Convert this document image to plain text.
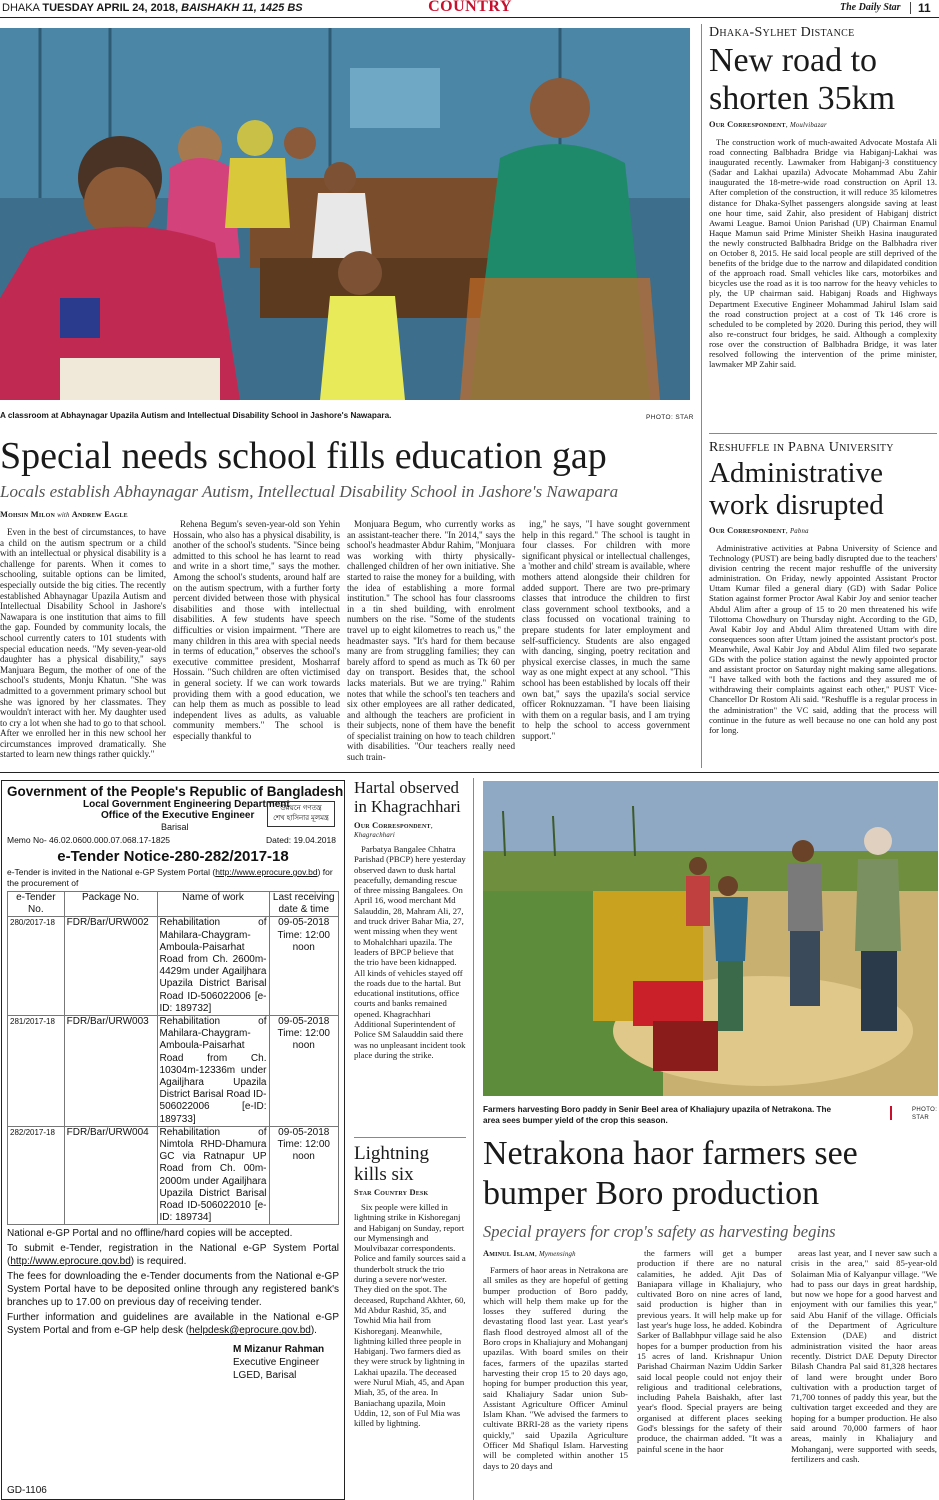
DHAKA TUESDAY APRIL 24, 2018, BAISHAKH 11, 1425 BS	COUNTRY	The Daily Star 11
A classroom at Abhaynagar Upazila Autism and Intellectual Disability School in Jashore's Nawapara.	PHOTO: STAR
Special needs school fills education gap
Locals establish Abhaynagar Autism, Intellectual Disability School in Jashore's Nawapara
Mohsin Milon with Andrew Eagle
Even in the best of circumstances, to have a child on the autism spectrum or a child with an intellectual or physical disability is a challenge for parents. When it comes to schooling, suitable options can be limited, especially outside the big cities. The recently established Abhaynagar Upazila Autism and Intellectual Disability School in Jashore's Nawapara is one institution that aims to fill the gap. Founded by community locals, the school currently caters to 101 students with special education needs. "My seven-year-old daughter has a physical disability," says Manjuara Begum, the mother of one of the school's students, Monju Khatun. "She was admitted to a government primary school but she was ignored by her classmates. They wouldn't interact with her. My daughter used to cry a lot when she had to go to that school. After we enrolled her in this new school her circumstances improved dramatically. She started to learn new things rather quickly."
Rehena Begum's seven-year-old son Yehin Hossain, who also has a physical disability, is another of the school's students. "Since being admitted to this school he has learnt to read and write in a short time," says the mother. Among the school's students, around half are on the autism spectrum, with a further forty percent divided between those with physical disabilities and those with intellectual disabilities. A few students have speech difficulties or vision impairment. "There are many children in this area with special needs in terms of education," observes the school's executive committee president, Mosharraf Hossain. "Such children are often victimised in general society. If we can work towards providing them with a good education, we can help them as much as possible to lead independent lives as adults, as valuable community members." The school is especially thankful to
Monjuara Begum, who currently works as an assistant-teacher there. "In 2014," says the school's headmaster Abdur Rahim, "Monjuara was working with thirty physically-challenged children of her own initiative. She started to raise the money for a building, with the idea of establishing a more formal institution." The school has four classrooms in a tin shed building, with enrolment numbers on the rise. "Some of the students travel up to eight kilometres to reach us," the headmaster says. "It's hard for them because many are from struggling families; they can barely afford to spend as much as Tk 60 per day on transport. Besides that, the school lacks materials. But we are trying." Rahim notes that while the school's ten teachers and six other employees are all rather dedicated, and although the teachers are proficient in their subjects, none of them have the benefit of specialist training on how to teach children with disabilities. "Our teachers really need such train-
ing," he says, "I have sought government help in this regard." The school is taught in four classes. For children with more significant physical or intellectual challenges, a 'mother and child' stream is available, where mothers attend alongside their children for added support. There are two pre-primary classes that introduce the children to first class government school textbooks, and a class focussed on vocational training to prepare students for later employment and self-sufficiency. Students are also engaged with dancing, singing, poetry recitation and physical exercise classes, in much the same way as one might expect at any school. "This school has been established by locals off their own bat," says the upazila's social service officer Roknuzzaman. "I have been liaising with them on a regular basis, and I am trying to help the school to access government support."
Dhaka-Sylhet Distance
New road to shorten 35km
Our Correspondent, Moulvibazar
The construction work of much-awaited Advocate Mostafa Ali road connecting Balbhadra Bridge via Habiganj-Lakhai was inaugurated recently. Lawmaker from Habiganj-3 constituency (Sadar and Lakhai upazila) Advocate Mohammad Abu Zahir inaugurated the 18-metre-wide road construction on April 13. After completion of the construction, it will reduce 35 kilometres distance for Dhaka-Sylhet passengers alongside saving at least one hour time, said Zahir, also president of Habiganj district Awami League. Bamoi Union Parishad (UP) Chairman Enamul Haque Mamun said Prime Minister Sheikh Hasina inaugurated the newly constructed Balbhadra Bridge on the Balbhadra river on October 8, 2015. He said local people are still deprived of the benefits of the bridge due to the narrow and dilapidated condition of the approach road. Small vehicles like cars, motorbikes and bicycles use the road as it is too narrow for the heavy vehicles to ply, the UP chairman said. Habiganj Roads and Highways Department Executive Engineer Mohammad Jahirul Islam said the road construction project at a cost of Tk 146 crore is scheduled to be completed by 2020. During this period, they will also re-construct four bridges, he said. Although a complexity rose over the construction of Balbhadra Bridge, it was later resolved following the intervention of the prime minister, lawmaker MP Zahir said.
Reshuffle in Pabna University
Administrative work disrupted
Our Correspondent, Pabna
Administrative activities at Pabna University of Science and Technology (PUST) are being badly disrupted due to the teachers' division centring the recent major reshuffle of the university administration. On Friday, newly appointed Assistant Proctor Uttam Kumar filed a general diary (GD) with Sadar Police Station against former Proctor Awal Kabir Joy and senior teacher Abdul Alim after a group of 15 to 20 men threatened his wife Tilottoma Chowdhury on Thursday night. According to the GD, Awal Kabir Joy and Abdul Alim threatened Uttam with dire consequences soon after Uttam joined the assistant proctor's post. Meanwhile, Awal Kabir Joy and Abdul Alim filed two separate GDs with the police station against the newly appointed proctor and assistant proctor on Saturday night making same allegations. "I have talked with both the factions and they assured me of withdrawing their complaints against each other," PUST Vice-Chancellor Dr Rostom Ali said. "Reshuffle is a regular process in the administration" the VC said, adding that the process will continue in the future as well because no one can hold any post for long.
Government of the People's Republic of Bangladesh
Local Government Engineering Department
Office of the Executive Engineer
Barisal
উন্নয়নে গণতন্ত্র
শেখ হাসিনার মূলমন্ত্র
Memo No- 46.02.0600.000.07.068.17-1825	Dated: 19.04.2018
e-Tender Notice-280-282/2017-18
e-Tender is invited in the National e-GP System Portal (http://www.eprocure.gov.bd) for the procurement of
e-Tender No.	Package No.	Name of work	Last receiving date & time
280/2017-18	FDR/Bar/URW002	Rehabilitation of Mahilara-Chaygram-Amboula-Paisarhat Road from Ch. 2600m-4429m under Agailjhara Upazila District Barisal Road ID-506022006 [e-ID: 189732]	09-05-2018 Time: 12:00 noon
281/2017-18	FDR/Bar/URW003	Rehabilitation of Mahilara-Chaygram-Amboula-Paisarhat Road from Ch. 10304m-12336m under Agailjhara Upazila District Barisal Road ID-506022006 [e-ID: 189733]	09-05-2018 Time: 12:00 noon
282/2017-18	FDR/Bar/URW004	Rehabilitation of Nimtola RHD-Dhamura GC via Ratnapur UP Road from Ch. 00m-2000m under Agailjhara Upazila District Barisal Road ID-506022010 [e-ID: 189734]	09-05-2018 Time: 12:00 noon
National e-GP Portal and no offline/hard copies will be accepted.
To submit e-Tender, registration in the National e-GP System Portal (http://www.eprocure.gov.bd) is required.
The fees for downloading the e-Tender documents from the National e-GP System Portal have to be deposited online through any registered bank's branches up to 17.00 on previous day of receiving tender.
Further information and guidelines are available in the National e-GP System Portal and from e-GP help desk (helpdesk@eprocure.gov.bd).
M Mizanur Rahman
Executive Engineer
LGED, Barisal
GD-1106
Hartal observed in Khagrachhari
Our Correspondent,
Khagrachhari
Parbatya Bangalee Chhatra Parishad (PBCP) here yesterday observed dawn to dusk hartal peacefully, demanding rescue of three missing Bangalees. On April 16, wood merchant Md Salauddin, 28, Mahram Ali, 27, and truck driver Bahar Mia, 27, went missing when they went to Mohalchhari upazila. The leaders of BPCP believe that the trio have been kidnapped. All kinds of vehicles stayed off the roads due to the hartal. But educational institutions, office courts and banks remained opened. Khagrachhari Additional Superintendent of Police SM Salauddin said there was no unpleasant incident took place during the strike.
Lightning kills six
Star Country Desk
Six people were killed in lightning strike in Kishoreganj and Habiganj on Sunday, report our Mymensingh and Moulvibazar correspondents. Police and family sources said a thunderbolt struck the trio during a severe nor'wester. They died on the spot. The deceased, Rupchand Akhter, 60, Md Abdur Rashid, 35, and Towhid Mia hail from Kishoreganj. Meanwhile, lightning killed three people in Habiganj. Two farmers died as they were struck by lightning in Lakhai upazila. The deceased were Nurul Miah, 45, and Apan Miah, 35, of the area. In Baniachang upazila, Moin Uddin, 12, son of Ful Mia was killed by lightning.
Farmers harvesting Boro paddy in Senir Beel area of Khaliajury upazila of Netrakona. The area sees bumper yield of the crop this season.
PHOTO: STAR
Netrakona haor farmers see bumper Boro production
Special prayers for crop's safety as harvesting begins
Aminul Islam, Mymensingh
Farmers of haor areas in Netrakona are all smiles as they are hopeful of getting bumper production of Boro paddy, which will help them make up for the losses they suffered during the devastating flood last year. Last year's flash flood destroyed almost all of the Boro crops in Khaliajury and Mohanganj upazilas. With board smiles on their faces, farmers of the upazilas started harvesting their crop 15 to 20 days ago, hoping for bumper production this year, said Khaliajury Sadar union Sub-Assistant Agriculture Officer Aminul Islam Khan. "We advised the farmers to cultivate BRRI-28 as the variety ripens quickly," said Upazila Agriculture Officer Md Shafiqul Islam. Harvesting will be completed within another 15 days to 20 days and
the farmers will get a bumper production if there are no natural calamities, he added. Ajit Das of Baniapara village in Khaliajury, who cultivated Boro on nine acres of land, said production is higher than in previous years. It will help make up for last year's huge loss, he added. Kobindra Sarker of Ballabhpur village said he also hopes for a bumper production from his 15 acres of land. Krishnapur Union Parishad Chairman Nazim Uddin Sarker said local people could not enjoy their religious and traditional celebrations, including Pahela Baishakh, after last year's flood. Special prayers are being organised at different places seeking God's blessings for the safety of their produce, the chairman added. "It was a painful scene in the haor
areas last year, and I never saw such a crisis in the area," said 85-year-old Solaiman Mia of Kalyanpur village. "We had to pass our days in great hardship, but now we hope for a good harvest and enjoyment with our families this year," said Abu Hanif of the village. Officials of the Department of Agriculture Extension (DAE) and district administration visited the haor areas recently. District DAE Deputy Director Bilash Chandra Pal said 81,328 hectares of land were brought under Boro cultivation with a production target of 71,700 tonnes of paddy this year, but the cultivation target exceeded and they are hoping for a bumper production. He also said around 70,000 farmers of haor areas, mainly in Khaliajury and Mohanganj, were supported with seeds, fertilizers and cash.
